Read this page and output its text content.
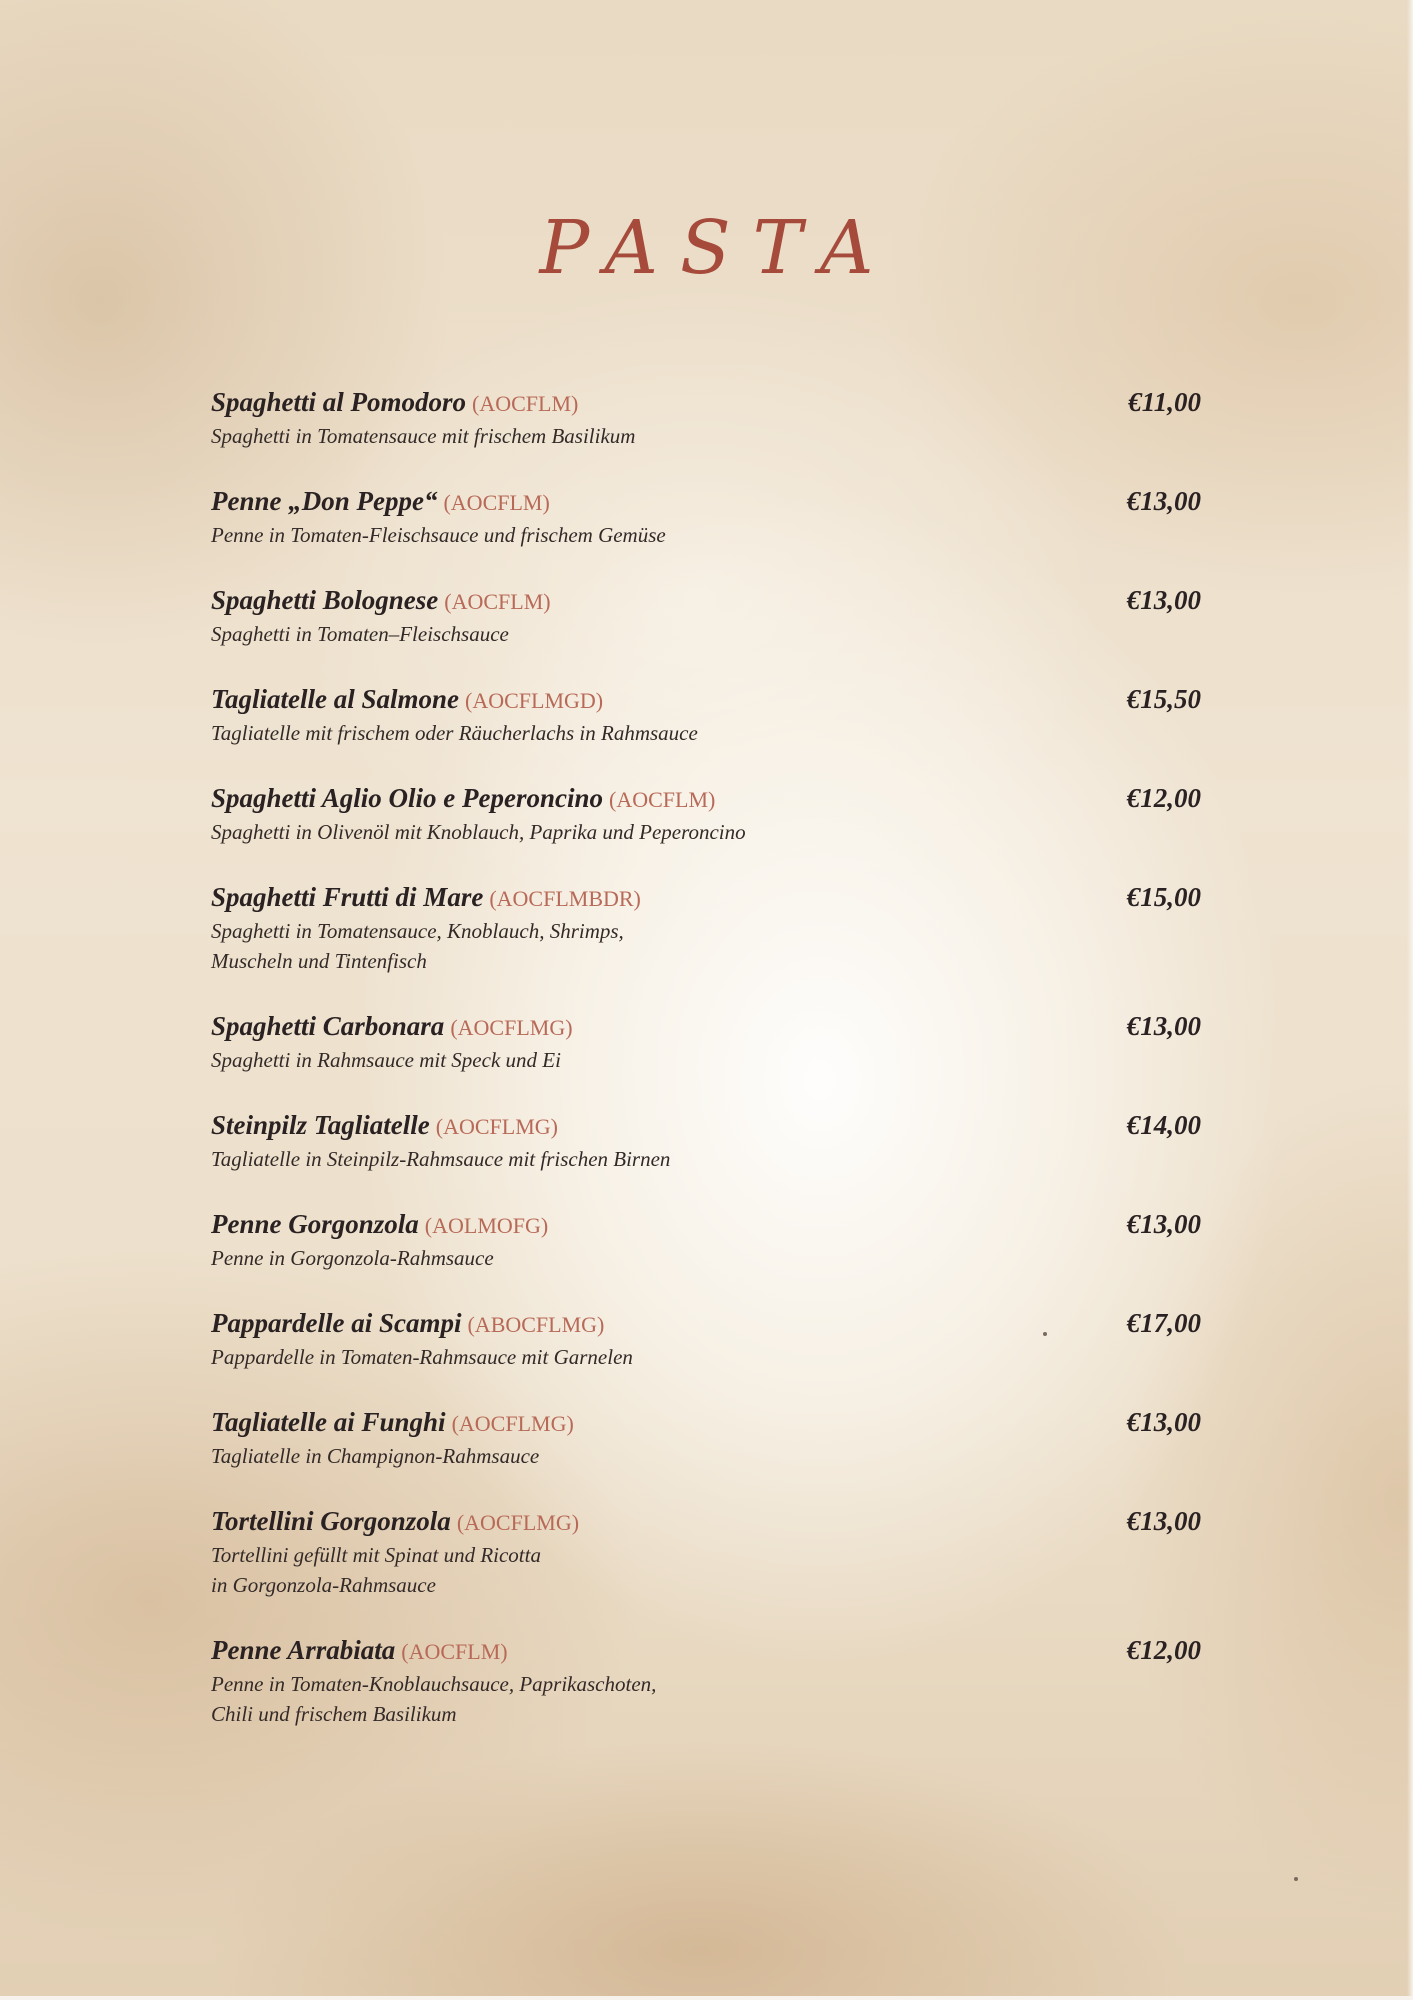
PASTA
Spaghetti al Pomodoro (AOCFLM)
Spaghetti in Tomatensauce mit frischem Basilikum
€11,00
Penne „Don Peppe“ (AOCFLM)
Penne in Tomaten-Fleischsauce und frischem Gemüse
€13,00
Spaghetti Bolognese (AOCFLM)
Spaghetti in Tomaten–Fleischsauce
€13,00
Tagliatelle al Salmone (AOCFLMGD)
Tagliatelle mit frischem oder Räucherlachs in Rahmsauce
€15,50
Spaghetti Aglio Olio e Peperoncino (AOCFLM)
Spaghetti in Olivenöl mit Knoblauch, Paprika und Peperoncino
€12,00
Spaghetti Frutti di Mare (AOCFLMBDR)
Spaghetti in Tomatensauce, Knoblauch, Shrimps,
Muscheln und Tintenfisch
€15,00
Spaghetti Carbonara (AOCFLMG)
Spaghetti in Rahmsauce mit Speck und Ei
€13,00
Steinpilz Tagliatelle (AOCFLMG)
Tagliatelle in Steinpilz-Rahmsauce mit frischen Birnen
€14,00
Penne Gorgonzola (AOLMOFG)
Penne in Gorgonzola-Rahmsauce
€13,00
Pappardelle ai Scampi (ABOCFLMG)
Pappardelle in Tomaten-Rahmsauce mit Garnelen
€17,00
Tagliatelle ai Funghi (AOCFLMG)
Tagliatelle in Champignon-Rahmsauce
€13,00
Tortellini Gorgonzola (AOCFLMG)
Tortellini gefüllt mit Spinat und Ricotta
in Gorgonzola-Rahmsauce
€13,00
Penne Arrabiata (AOCFLM)
Penne in Tomaten-Knoblauchsauce, Paprikaschoten,
Chili und frischem Basilikum
€12,00
